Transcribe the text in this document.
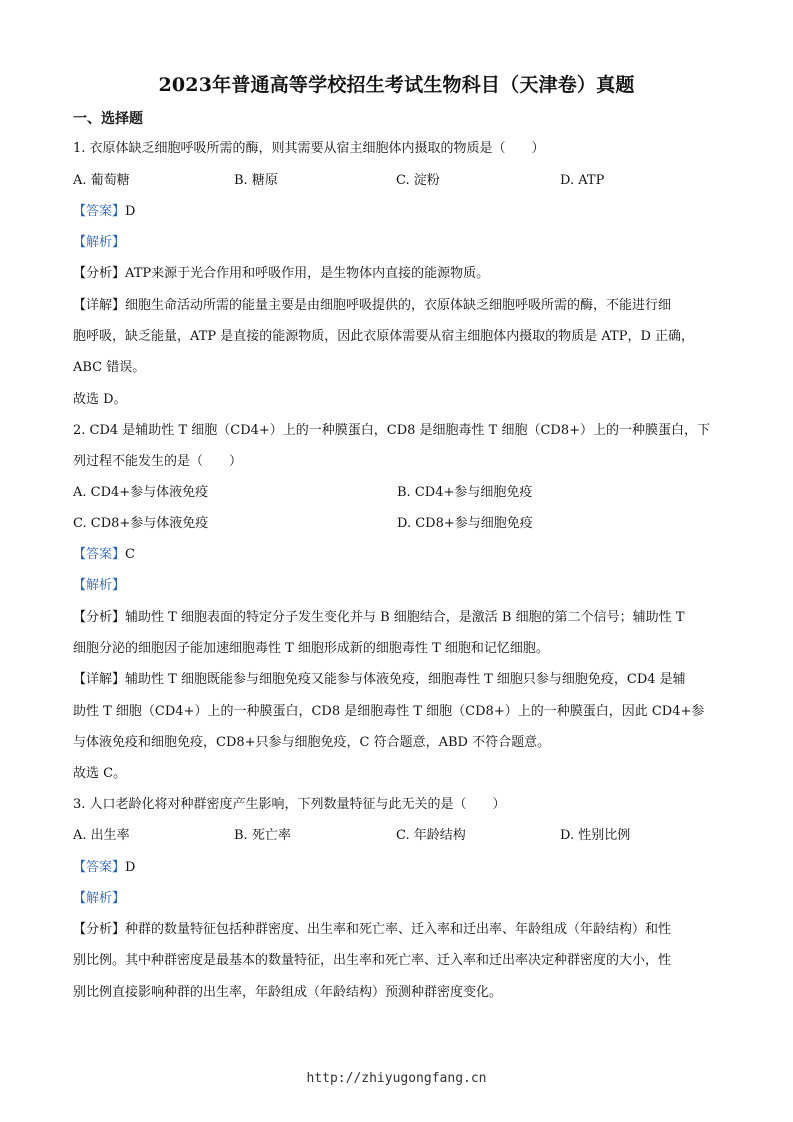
2023年普通高等学校招生考试生物科目（天津卷）真题
一、选择题
1. 衣原体缺乏细胞呼吸所需的酶，则其需要从宿主细胞体内摄取的物质是（　　）
A. 葡萄糖	B. 糖原	C. 淀粉	D. ATP
【答案】D
【解析】
【分析】ATP来源于光合作用和呼吸作用，是生物体内直接的能源物质。
【详解】细胞生命活动所需的能量主要是由细胞呼吸提供的，衣原体缺乏细胞呼吸所需的酶，不能进行细
胞呼吸，缺乏能量，ATP 是直接的能源物质，因此衣原体需要从宿主细胞体内摄取的物质是 ATP，D 正确，
ABC 错误。
故选 D。
2. CD4 是辅助性 T 细胞（CD4+）上的一种膜蛋白，CD8 是细胞毒性 T 细胞（CD8+）上的一种膜蛋白，下
列过程不能发生的是（　　）
A. CD4+参与体液免疫	B. CD4+参与细胞免疫
C. CD8+参与体液免疫	D. CD8+参与细胞免疫
【答案】C
【解析】
【分析】辅助性 T 细胞表面的特定分子发生变化并与 B 细胞结合，是激活 B 细胞的第二个信号；辅助性 T
细胞分泌的细胞因子能加速细胞毒性 T 细胞形成新的细胞毒性 T 细胞和记忆细胞。
【详解】辅助性 T 细胞既能参与细胞免疫又能参与体液免疫，细胞毒性 T 细胞只参与细胞免疫，CD4 是辅
助性 T 细胞（CD4+）上的一种膜蛋白，CD8 是细胞毒性 T 细胞（CD8+）上的一种膜蛋白，因此 CD4+参
与体液免疫和细胞免疫，CD8+只参与细胞免疫，C 符合题意，ABD 不符合题意。
故选 C。
3. 人口老龄化将对种群密度产生影响，下列数量特征与此无关的是（　　）
A. 出生率	B. 死亡率	C. 年龄结构	D. 性别比例
【答案】D
【解析】
【分析】种群的数量特征包括种群密度、出生率和死亡率、迁入率和迁出率、年龄组成（年龄结构）和性
别比例。其中种群密度是最基本的数量特征，出生率和死亡率、迁入率和迁出率决定种群密度的大小，性
别比例直接影响种群的出生率，年龄组成（年龄结构）预测种群密度变化。
http://zhiyugongfang.cn
